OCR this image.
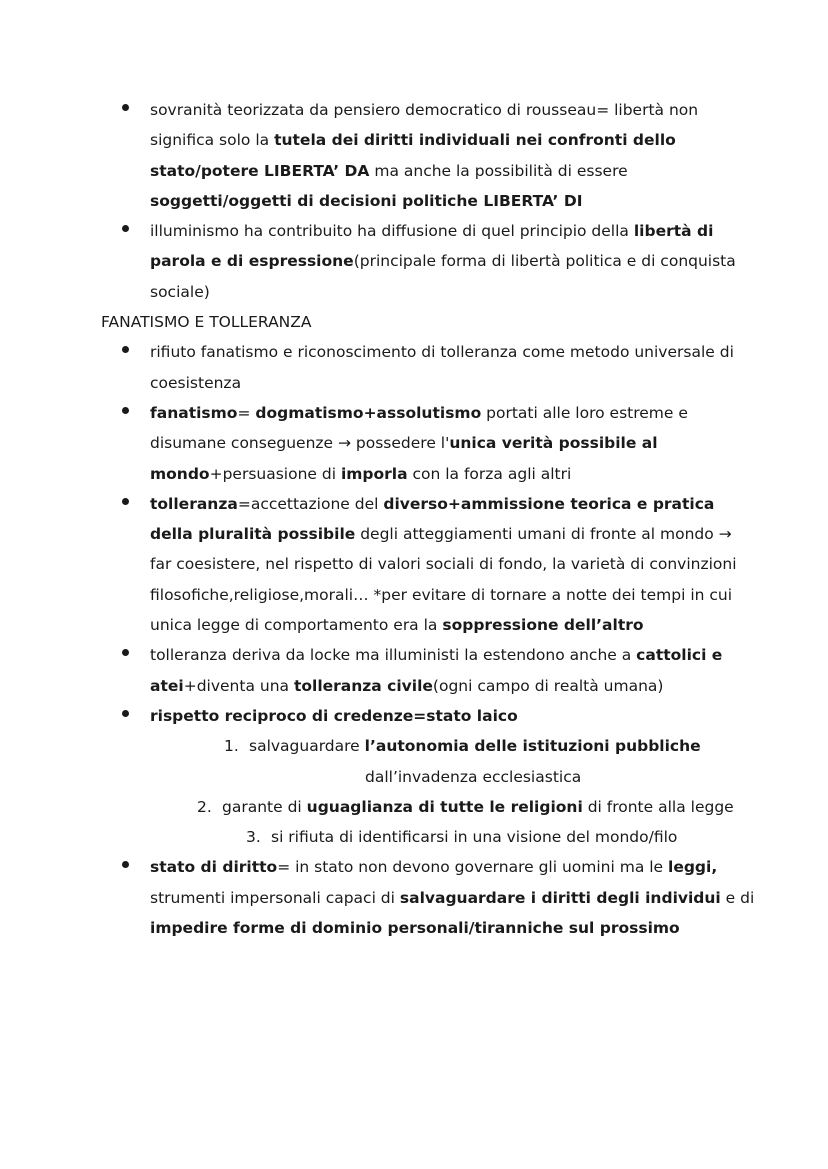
sovranità teorizzata da pensiero democratico di rousseau= libertà non
significa solo la tutela dei diritti individuali nei confronti dello
stato/potere LIBERTA’ DA ma anche la possibilità di essere
soggetti/oggetti di decisioni politiche LIBERTA’ DI
illuminismo ha contribuito ha diffusione di quel principio della libertà di
parola e di espressione(principale forma di libertà politica e di conquista
sociale)
FANATISMO E TOLLERANZA
rifiuto fanatismo e riconoscimento di tolleranza come metodo universale di
coesistenza
fanatismo= dogmatismo+assolutismo portati alle loro estreme e
disumane conseguenze → possedere l'unica verità possibile al
mondo+persuasione di imporla con la forza agli altri
tolleranza=accettazione del diverso+ammissione teorica e pratica
della pluralità possibile degli atteggiamenti umani di fronte al mondo →
far coesistere, nel rispetto di valori sociali di fondo, la varietà di convinzioni
filosofiche,religiose,morali… *per evitare di tornare a notte dei tempi in cui
unica legge di comportamento era la soppressione dell’altro
tolleranza deriva da locke ma illuministi la estendono anche a cattolici e
atei+diventa una tolleranza civile(ogni campo di realtà umana)
rispetto reciproco di credenze=stato laico
1. salvaguardare l’autonomia delle istituzioni pubbliche
dall’invadenza ecclesiastica
2. garante di uguaglianza di tutte le religioni di fronte alla legge
3. si rifiuta di identificarsi in una visione del mondo/filo
stato di diritto= in stato non devono governare gli uomini ma le leggi,
strumenti impersonali capaci di salvaguardare i diritti degli individui e di
impedire forme di dominio personali/tiranniche sul prossimo
